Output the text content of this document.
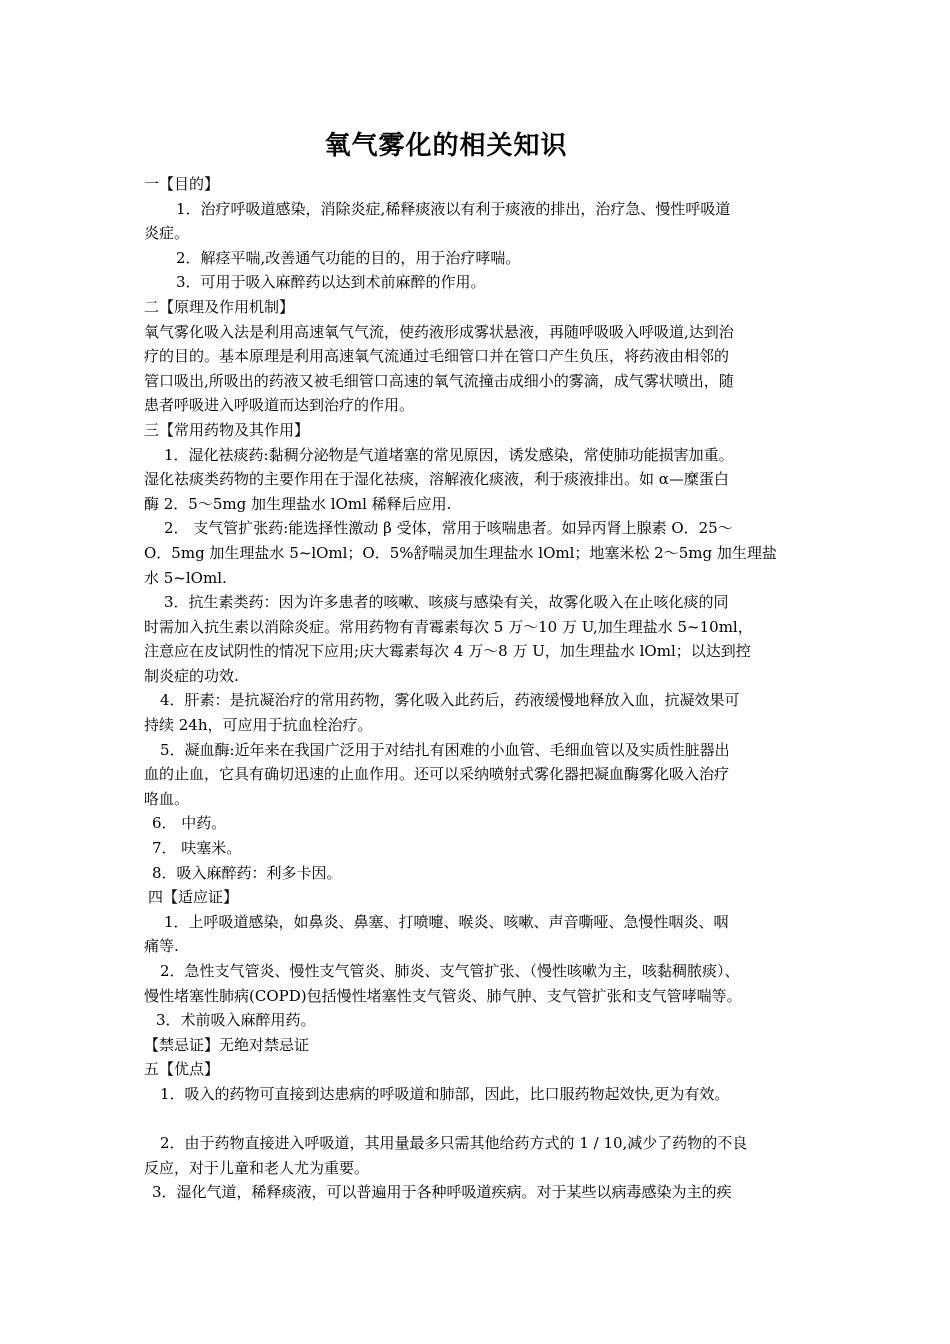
氧气雾化的相关知识
一【目的】
1．治疗呼吸道感染，消除炎症,稀释痰液以有利于痰液的排出，治疗急、慢性呼吸道
炎症。
2．解痉平喘,改善通气功能的目的，用于治疗哮喘。
3．可用于吸入麻醉药以达到术前麻醉的作用。
二【原理及作用机制】
氧气雾化吸入法是利用高速氧气气流，使药液形成雾状悬液，再随呼吸吸入呼吸道,达到治
疗的目的。基本原理是利用高速氧气流通过毛细管口并在管口产生负压，将药液由相邻的
管口吸出,所吸出的药液又被毛细管口高速的氧气流撞击成细小的雾滴，成气雾状喷出，随
患者呼吸进入呼吸道而达到治疗的作用。
三【常用药物及其作用】
1．湿化祛痰药:黏稠分泌物是气道堵塞的常见原因，诱发感染，常使肺功能损害加重。
湿化祛痰类药物的主要作用在于湿化祛痰，溶解液化痰液，利于痰液排出。如 α—糜蛋白
酶 2．5～5mg 加生理盐水 lOml 稀释后应用.
2． 支气管扩张药:能选择性激动 β 受体，常用于咳喘患者。如异丙肾上腺素 O．25～
O．5mg 加生理盐水 5~lOml；O．5%舒喘灵加生理盐水 lOml；地塞米松 2～5mg 加生理盐
水 5~lOml.
3．抗生素类药：因为许多患者的咳嗽、咳痰与感染有关，故雾化吸入在止咳化痰的同
时需加入抗生素以消除炎症。常用药物有青霉素每次 5 万～10 万 U,加生理盐水 5~10ml，
注意应在皮试阴性的情况下应用;庆大霉素每次 4 万～8 万 U，加生理盐水 lOml；以达到控
制炎症的功效.
4．肝素：是抗凝治疗的常用药物，雾化吸入此药后，药液缓慢地释放入血，抗凝效果可
持续 24h，可应用于抗血栓治疗。
5．凝血酶:近年来在我国广泛用于对结扎有困难的小血管、毛细血管以及实质性脏器出
血的止血，它具有确切迅速的止血作用。还可以采纳喷射式雾化器把凝血酶雾化吸入治疗
咯血。
6． 中药。
7． 呋塞米。
8．吸入麻醉药：利多卡因。
四【适应证】
1．上呼吸道感染，如鼻炎、鼻塞、打喷嚏、喉炎、咳嗽、声音嘶哑、急慢性咽炎、咽
痛等.
2．急性支气管炎、慢性支气管炎、肺炎、支气管扩张、（慢性咳嗽为主，咳黏稠脓痰）、
慢性堵塞性肺病(COPD)包括慢性堵塞性支气管炎、肺气肿、支气管扩张和支气管哮喘等。
3．术前吸入麻醉用药。
【禁忌证】无绝对禁忌证
五【优点】
1．吸入的药物可直接到达患病的呼吸道和肺部，因此，比口服药物起效快,更为有效。
2．由于药物直接进入呼吸道，其用量最多只需其他给药方式的 1 / 10,减少了药物的不良
反应，对于儿童和老人尤为重要。
3．湿化气道，稀释痰液，可以普遍用于各种呼吸道疾病。对于某些以病毒感染为主的疾
